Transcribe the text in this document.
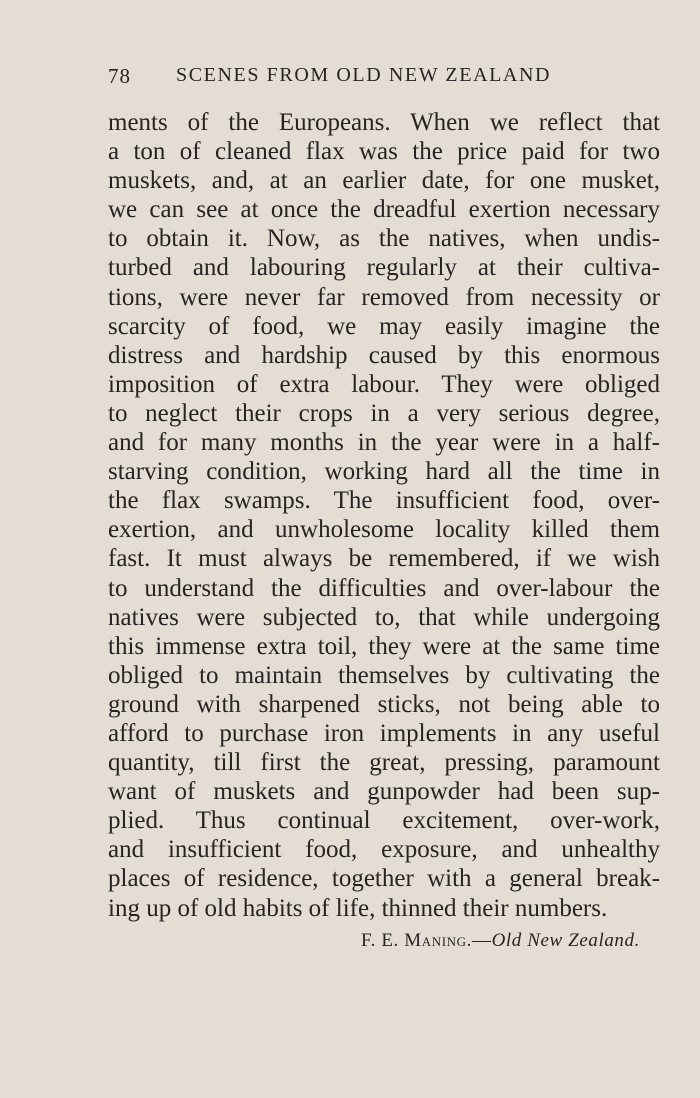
78 SCENES FROM OLD NEW ZEALAND
ments of the Europeans. When we reflect that
a ton of cleaned flax was the price paid for two
muskets, and, at an earlier date, for one musket,
we can see at once the dreadful exertion necessary
to obtain it. Now, as the natives, when undis-
turbed and labouring regularly at their cultiva-
tions, were never far removed from necessity or
scarcity of food, we may easily imagine the
distress and hardship caused by this enormous
imposition of extra labour. They were obliged
to neglect their crops in a very serious degree,
and for many months in the year were in a half-
starving condition, working hard all the time in
the flax swamps. The insufficient food, over-
exertion, and unwholesome locality killed them
fast. It must always be remembered, if we wish
to understand the difficulties and over-labour the
natives were subjected to, that while undergoing
this immense extra toil, they were at the same time
obliged to maintain themselves by cultivating the
ground with sharpened sticks, not being able to
afford to purchase iron implements in any useful
quantity, till first the great, pressing, paramount
want of muskets and gunpowder had been sup-
plied. Thus continual excitement, over-work,
and insufficient food, exposure, and unhealthy
places of residence, together with a general break-
ing up of old habits of life, thinned their numbers.
F. E. Maning.—Old New Zealand.
